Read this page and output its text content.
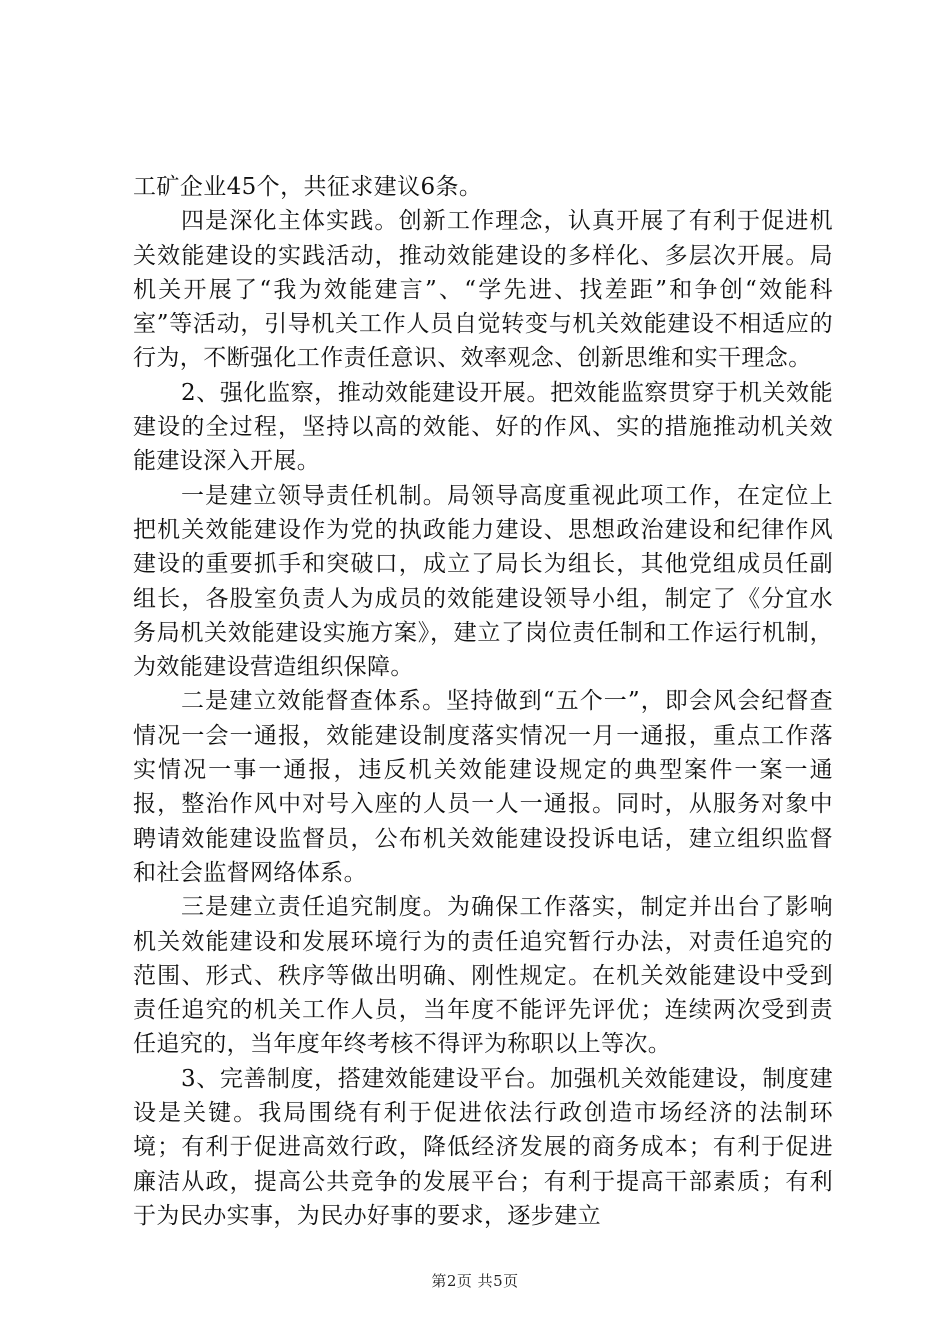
工矿企业45个，共征求建议6条。

四是深化主体实践。创新工作理念，认真开展了有利于促进机关效能建设的实践活动，推动效能建设的多样化、多层次开展。局机关开展了“我为效能建言”、“学先进、找差距”和争创“效能科室”等活动，引导机关工作人员自觉转变与机关效能建设不相适应的行为，不断强化工作责任意识、效率观念、创新思维和实干理念。

2、强化监察，推动效能建设开展。把效能监察贯穿于机关效能建设的全过程，坚持以高的效能、好的作风、实的措施推动机关效能建设深入开展。

一是建立领导责任机制。局领导高度重视此项工作，在定位上把机关效能建设作为党的执政能力建设、思想政治建设和纪律作风建设的重要抓手和突破口，成立了局长为组长，其他党组成员任副组长，各股室负责人为成员的效能建设领导小组，制定了《分宜水务局机关效能建设实施方案》，建立了岗位责任制和工作运行机制，为效能建设营造组织保障。

二是建立效能督查体系。坚持做到“五个一”，即会风会纪督查情况一会一通报，效能建设制度落实情况一月一通报，重点工作落实情况一事一通报，违反机关效能建设规定的典型案件一案一通报，整治作风中对号入座的人员一人一通报。同时，从服务对象中聘请效能建设监督员，公布机关效能建设投诉电话，建立组织监督和社会监督网络体系。

三是建立责任追究制度。为确保工作落实，制定并出台了影响机关效能建设和发展环境行为的责任追究暂行办法，对责任追究的范围、形式、秩序等做出明确、刚性规定。在机关效能建设中受到责任追究的机关工作人员，当年度不能评先评优；连续两次受到责任追究的，当年度年终考核不得评为称职以上等次。

3、完善制度，搭建效能建设平台。加强机关效能建设，制度建设是关键。我局围绕有利于促进依法行政创造市场经济的法制环境；有利于促进高效行政，降低经济发展的商务成本；有利于促进廉洁从政，提高公共竞争的发展平台；有利于提高干部素质；有利于为民办实事，为民办好事的要求，逐步建立

第2页 共5页
